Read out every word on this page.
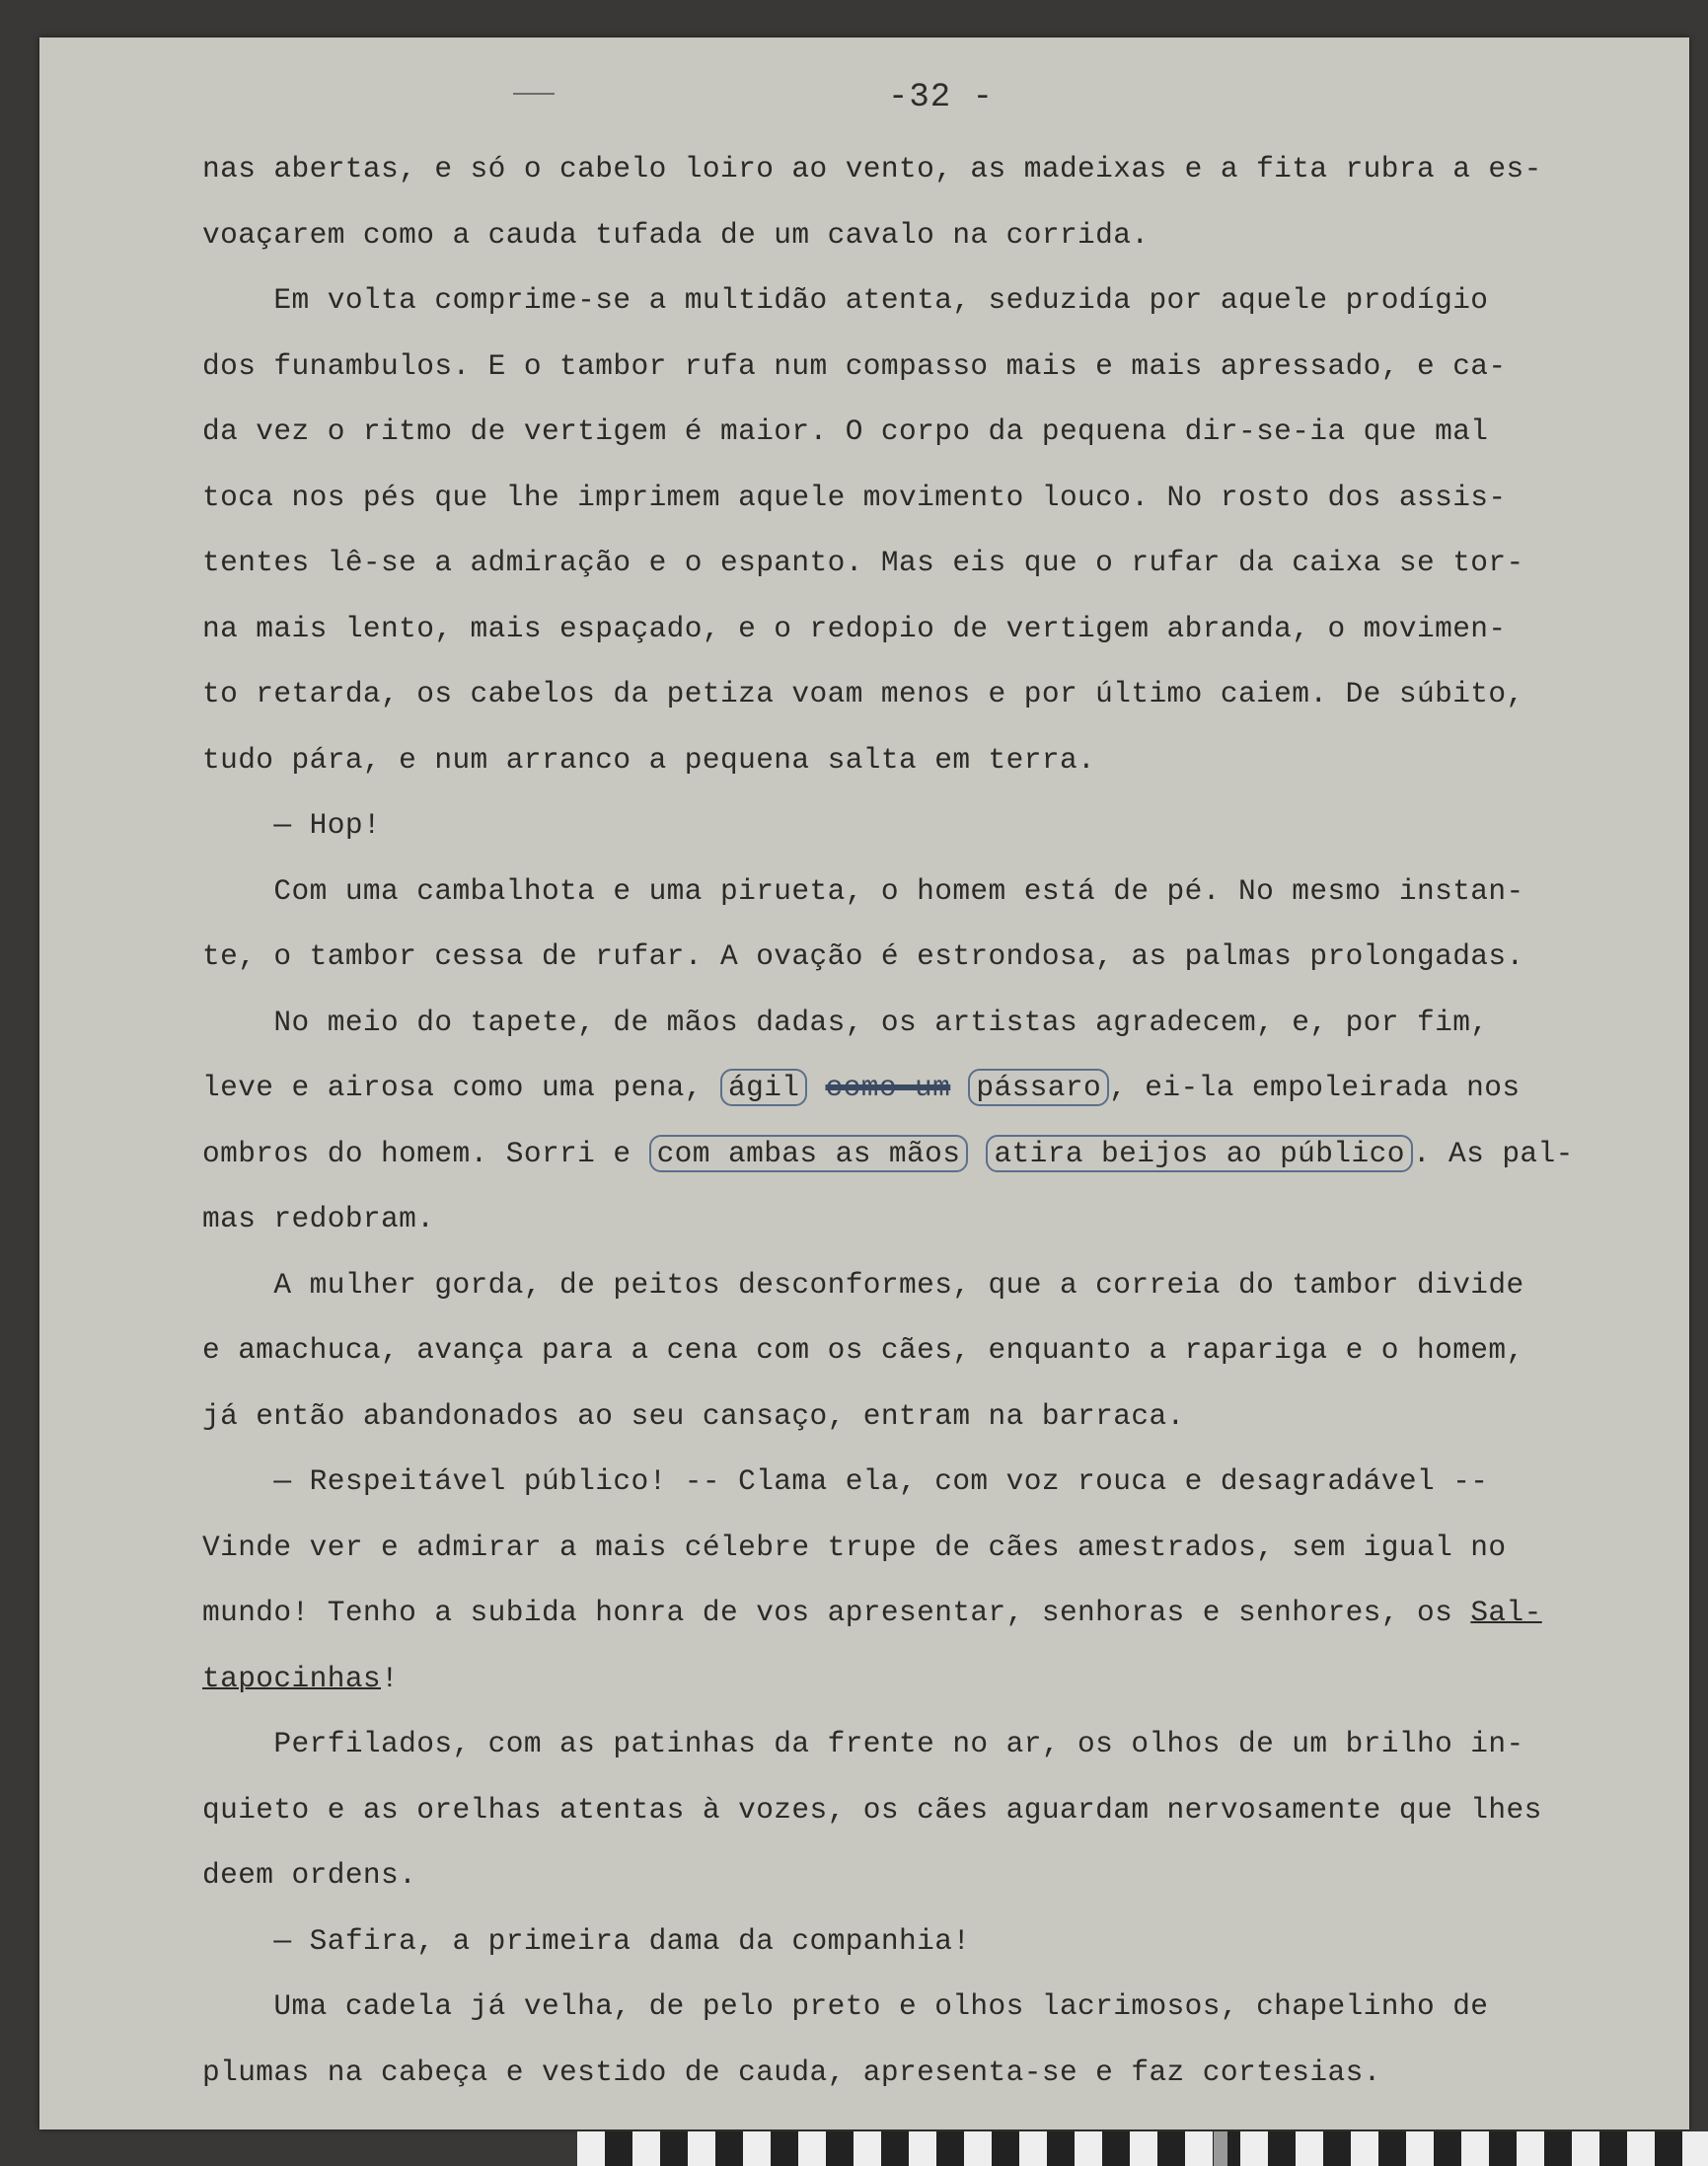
-32 -
nas abertas, e só o cabelo loiro ao vento, as madeixas e a fita rubra a es-
voaçarem como a cauda tufada de um cavalo na corrida.
Em volta comprime-se a multidão atenta, seduzida por aquele prodígio
dos funambulos. E o tambor rufa num compasso mais e mais apressado, e ca-
da vez o ritmo de vertigem é maior. O corpo da pequena dir-se-ia que mal
toca nos pés que lhe imprimem aquele movimento louco. No rosto dos assis-
tentes lê-se a admiração e o espanto. Mas eis que o rufar da caixa se tor-
na mais lento, mais espaçado, e o redopio de vertigem abranda, o movimen-
to retarda, os cabelos da petiza voam menos e por último caiem. De súbito,
tudo pára, e num arranco a pequena salta em terra.
— Hop!
Com uma cambalhota e uma pirueta, o homem está de pé. No mesmo instan-
te, o tambor cessa de rufar. A ovação é estrondosa, as palmas prolongadas.
No meio do tapete, de mãos dadas, os artistas agradecem, e, por fim,
leve e airosa como uma pena, ágil como um pássaro , ei-la empoleirada nos
ombros do homem. Sorri e com ambas as mãos atira beijos ao público . As pal-
mas redobram.
A mulher gorda, de peitos desconformes, que a correia do tambor divide
e amachuca, avança para a cena com os cães, enquanto a rapariga e o homem,
já então abandonados ao seu cansaço, entram na barraca.
— Respeitável público! -- Clama ela, com voz rouca e desagradável --
Vinde ver e admirar a mais célebre trupe de cães amestrados, sem igual no
mundo! Tenho a subida honra de vos apresentar, senhoras e senhores, os Sal-
tapocinhas!
Perfilados, com as patinhas da frente no ar, os olhos de um brilho in-
quieto e as orelhas atentas à vozes, os cães aguardam nervosamente que lhes
deem ordens.
— Safira, a primeira dama da companhia!
Uma cadela já velha, de pelo preto e olhos lacrimosos, chapelinho de
plumas na cabeça e vestido de cauda, apresenta-se e faz cortesias.
